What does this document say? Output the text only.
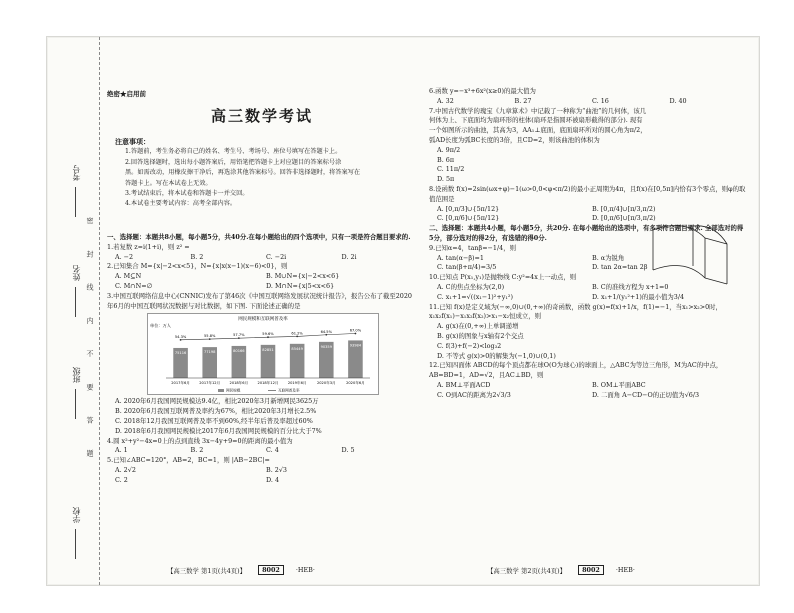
考号
姓名
班级
学校
密 封 线 内 不 要 答 题
绝密★启用前
高三数学考试
注意事项：

1.答题前，考生务必将自己的姓名、考生号、考场号、座位号填写在答题卡上。

2.回答选择题时，选出每小题答案后，用铅笔把答题卡上对应题目的答案标号涂

黑。如需改动，用橡皮擦干净后，再选涂其他答案标号。回答非选择题时，将答案写在

答题卡上。写在本试卷上无效。

3.考试结束后，将本试卷和答题卡一并交回。

4.本试卷主要考试内容：高考全部内容。

一、选择题：本题共8小题，每小题5分，共40分.在每小题给出的四个选项中，只有一项是符合题目要求的.

1.若复数 z=i(1+i)，则 z² =

A. −2	B. 2	C. −2i	D. 2i

2.已知集合 M={x|−2<x<5}，N={x|x(x−1)(x−6)<0}，则

A. M⊆N	B. M∪N={x|−2<x<6}
C. M∩N=∅	D. M∩N={x|5<x<6}

3.中国互联网络信息中心(CNNIC)发布了第46次《中国互联网络发展状况统计报告》，报告公布了截至2020年6月的中国互联网状况数据与对比数据，如下图. 下面论述正确的是

网民规模和互联网普及率
单位：万人
75116
2017年6月
54.3%
77198
2017年12月
55.8%
80166
2018年6月
57.7%
82851
2018年12月
59.6%
85449
2019年6月
61.2%
90359
2020年3月
64.5%
93984
2020年6月
67.0%
网民规模	互联网普及率

A. 2020年6月我国网民规模达9.4亿，相比2020年3月新增网民3625万

B. 2020年6月我国互联网普及率约为67%，相比2020年3月增长2.5%

C. 2018年12月我国互联网普及率不到60%,经半年后普及率超过60%

D. 2018年6月我国网民规模比2017年6月我国网民规模的百分比大于7%

4.圆 x²+y²−4x=0上的点到直线 3x−4y+9=0的距离的最小值为

A. 1	B. 2	C. 4	D. 5

5.已知∠ABC=120°，AB=2，BC=1，则 |AB−2BC|=

A. 2√2	B. 2√3
C. 2	D. 4
【高三数学 第1页(共4页)】	8002	·HEB·

6.函数 y=−x³+6x²(x≥0)的最大值为

A. 32	B. 27	C. 16	D. 40

7.中国古代数学的瑰宝《九章算术》中记载了一种称为“曲池”的几何体，该几何体为上、下底面均为扇环形的柱体(扇环是指圆环被扇形截得的部分). 现有一个如图所示的曲池，其高为3，AA₁⊥底面，底面扇环所对的圆心角为π/2，弧AD长度为弧BC长度的3倍，且CD=2，则该曲池的体积为

A. 9π/2

B. 6π

C. 11π/2

D. 5π

8.设函数 f(x)=2sin(ωx+φ)−1(ω>0,0<φ<π/2)的最小正周期为4π，且f(x)在[0,5π]内恰有3个零点，则φ的取值范围是

A. [0,π/3]∪{5π/12}	B. [0,π/4]∪[π/3,π/2)
C. [0,π/6]∪{5π/12}	D. [0,π/6]∪[π/3,π/2)

二、选择题：本题共4小题，每小题5分，共20分. 在每小题给出的选项中，有多项符合题目要求. 全部选对的得5分，部分选对的得2分，有选错的得0分.

9.已知α=4，tanβ=−1/4，则

A. tan(α−β)=1	B. α为锐角
C. tan(β+π/4)=3/5	D. tan 2α=tan 2β

10.已知点 P(x₁,y₁)是抛物线 C:y²=4x上一动点，则

A. C的焦点坐标为(2,0)	B. C的准线方程为 x+1=0
C. x₁+1=√((x₁−1)²+y₁²)	D. x₁+1/(y₁²+1)的最小值为3/4

11.已知 f(x)是定义域为(−∞,0)∪(0,+∞)的奇函数，函数 g(x)=f(x)+1/x，f(1)=−1，当x₁>x₂>0时，x₁x₂f(x₁)−x₁x₂f(x₂)>x₁−x₂恒成立，则

A. g(x)在(0,+∞)上单调递增

B. g(x)的图象与x轴有2个交点

C. f(3)+f(−2)<log₃2

D. 不等式 g(x)>0的解集为(−1,0)∪(0,1)

12.已知四面体 ABCD的每个顶点都在球O(O为球心)的球面上，△ABC为等边三角形，M为AC的中点，AB=BD=1，AD=√2，且AC⊥BD，则

A. BM⊥平面ACD	B. OM⊥平面ABC
C. O到AC的距离为2√3/3	D. 二面角 A−CD−O的正切值为√6/3
【高三数学 第2页(共4页)】	8002	·HEB·
